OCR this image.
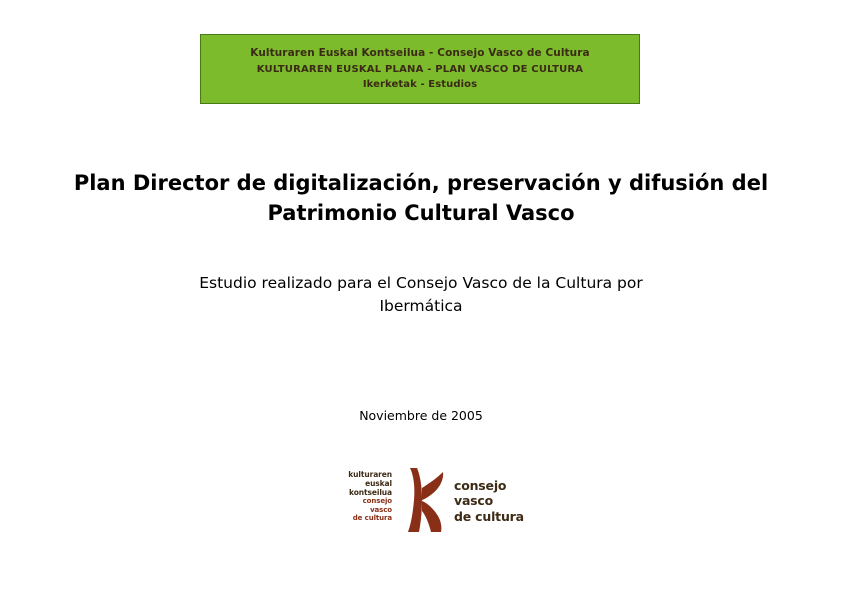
Kulturaren Euskal Kontseilua - Consejo Vasco de Cultura
KULTURAREN EUSKAL PLANA - PLAN VASCO DE CULTURA
Ikerketak - Estudios
Plan Director de digitalización, preservación y difusión del Patrimonio Cultural Vasco
Estudio realizado para el Consejo Vasco de la Cultura por Ibermática
Noviembre de 2005
kulturaren
euskal
kontseilua
consejo
vasco
de cultura
consejo
vasco
de cultura
